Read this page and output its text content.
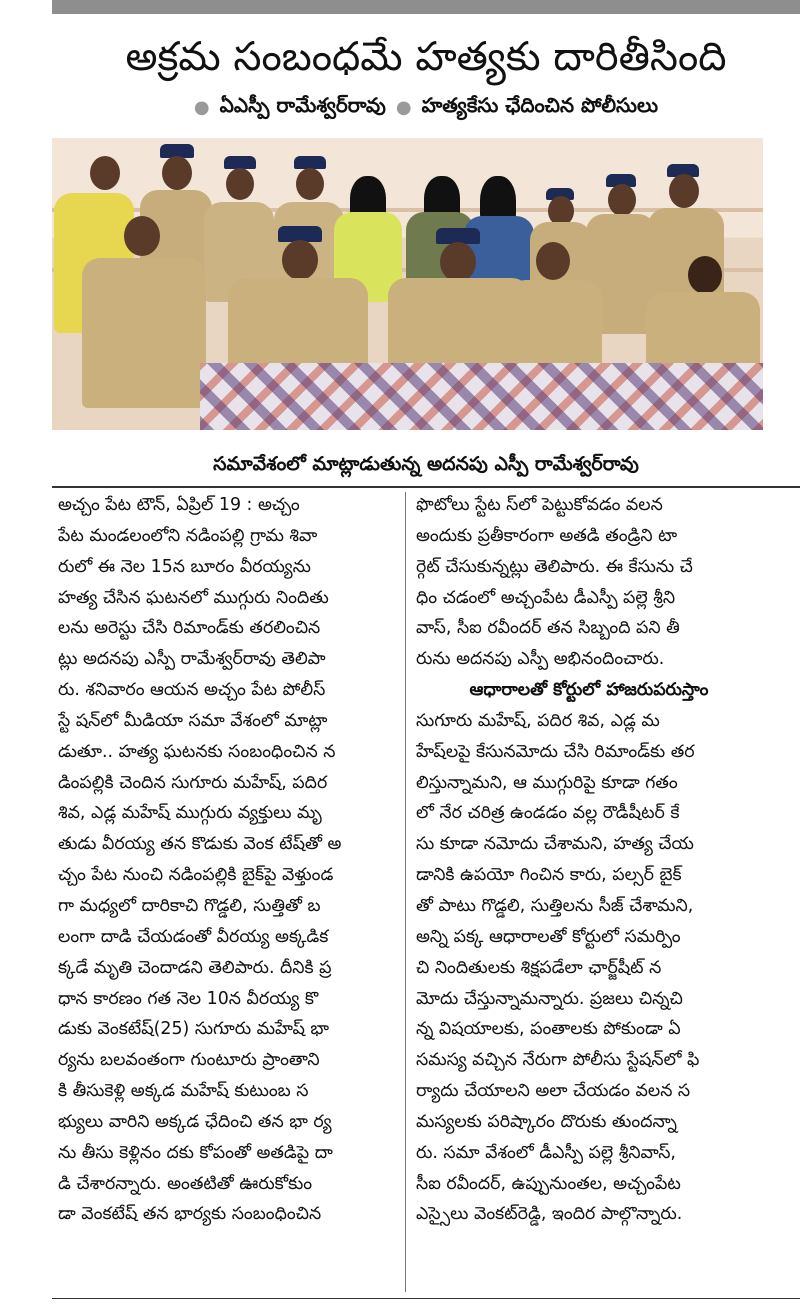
అక్రమ సంబంధమే హత్యకు దారితీసింది
● ఏఎస్పీ రామేశ్వర్‌రావు ● హత్యకేసు ఛేదించిన పోలీసులు
సమావేశంలో మాట్లాడుతున్న అదనపు ఎస్పీ రామేశ్వర్‌రావు
అచ్చం పేట టౌన్, ఏప్రిల్ 19 : అచ్చం
పేట మండలంలోని నడింపల్లి గ్రామ శివా
రులో ఈ నెల 15న బూరం వీరయ్యను
హత్య చేసిన ఘటనలో ముగ్గురు నిందితు
లను అరెస్టు చేసి రిమాండ్‌కు తరలించిన
ట్లు అదనపు ఎస్పీ రామేశ్వర్‌రావు తెలిపా
రు. శనివారం ఆయన అచ్చం పేట పోలీస్
స్టే షన్‌లో మీడియా సమా వేశంలో మాట్లా
డుతూ.. హత్య ఘటనకు సంబంధించిన న
డింపల్లికి చెందిన సుగూరు మహేష్, పదిర
శివ, ఎడ్ల మహేష్ ముగ్గురు వ్యక్తులు మృ
తుడు వీరయ్య తన కొడుకు వెంక టేష్‌తో అ
చ్చం పేట నుంచి నడింపల్లికి బైక్‌పై వెళ్తుండ
గా మధ్యలో దారికాచి గొడ్డలి, సుత్తితో బ
లంగా దాడి చేయడంతో వీరయ్య అక్కడిక
క్కడే మృతి చెందాడని తెలిపారు. దీనికి ప్ర
ధాన కారణం గత నెల 10న వీరయ్య కొ
డుకు వెంకటేష్(25) సుగూరు మహేష్ భా
ర్యను బలవంతంగా గుంటూరు ప్రాంతాని
కి తీసుకెళ్లి అక్కడ మహేష్ కుటుంబ స
భ్యులు వారిని అక్కడ ఛేదించి తన భా ర్య
ను తీసు కెళ్లినం దకు కోపంతో అతడిపై దా
డి చేశారన్నారు. అంతటితో ఊరుకోకుం
డా వెంకటేష్ తన భార్యకు సంబంధించిన
ఫొటోలు స్టేట స్‌లో పెట్టుకోవడం వలన
అందుకు ప్రతీకారంగా అతడి తండ్రిని టా
ర్గెట్ చేసుకున్నట్లు తెలిపారు. ఈ కేసును చే
ధిం చడంలో అచ్చంపేట డీఎస్పీ పల్లె శ్రీని
వాస్, సీఐ రవీందర్ తన సిబ్బంది పని తీ
రును అదనపు ఎస్పీ అభినందించారు.
ఆధారాలతో కోర్టులో హాజరుపరుస్తాం
సుగూరు మహేష్, పదిర శివ, ఎడ్ల మ
హేష్‌లపై కేసునమోదు చేసి రిమాండ్‌కు తర
లిస్తున్నామని, ఆ ముగ్గురిపై కూడా గతం
లో నేర చరిత్ర ఉండడం వల్ల రౌడీషీటర్ కే
సు కూడా నమోదు చేశామని, హత్య చేయ
డానికి ఉపయో గించిన కారు, పల్సర్ బైక్
తో పాటు గొడ్డలి, సుత్తిలను సీజ్ చేశామని,
అన్ని పక్క ఆధారాలతో కోర్టులో సమర్పిం
చి నిందితులకు శిక్షపడేలా ఛార్జ్‌షీట్ న
మోదు చేస్తున్నామన్నారు. ప్రజలు చిన్నచి
న్న విషయాలకు, పంతాలకు పోకుండా ఏ
సమస్య వచ్చిన నేరుగా పోలీసు స్టేషన్‌లో ఫి
ర్యాదు చేయాలని అలా చేయడం వలన స
మస్యలకు పరిష్కారం దొరుకు తుందన్నా
రు. సమా వేశంలో డీఎస్పీ పల్లె శ్రీనివాస్,
సీఐ రవీందర్, ఉప్పునుంతల, అచ్చంపేట
ఎస్సైలు వెంకట్‌రెడ్డి, ఇందిర పాల్గొన్నారు.
